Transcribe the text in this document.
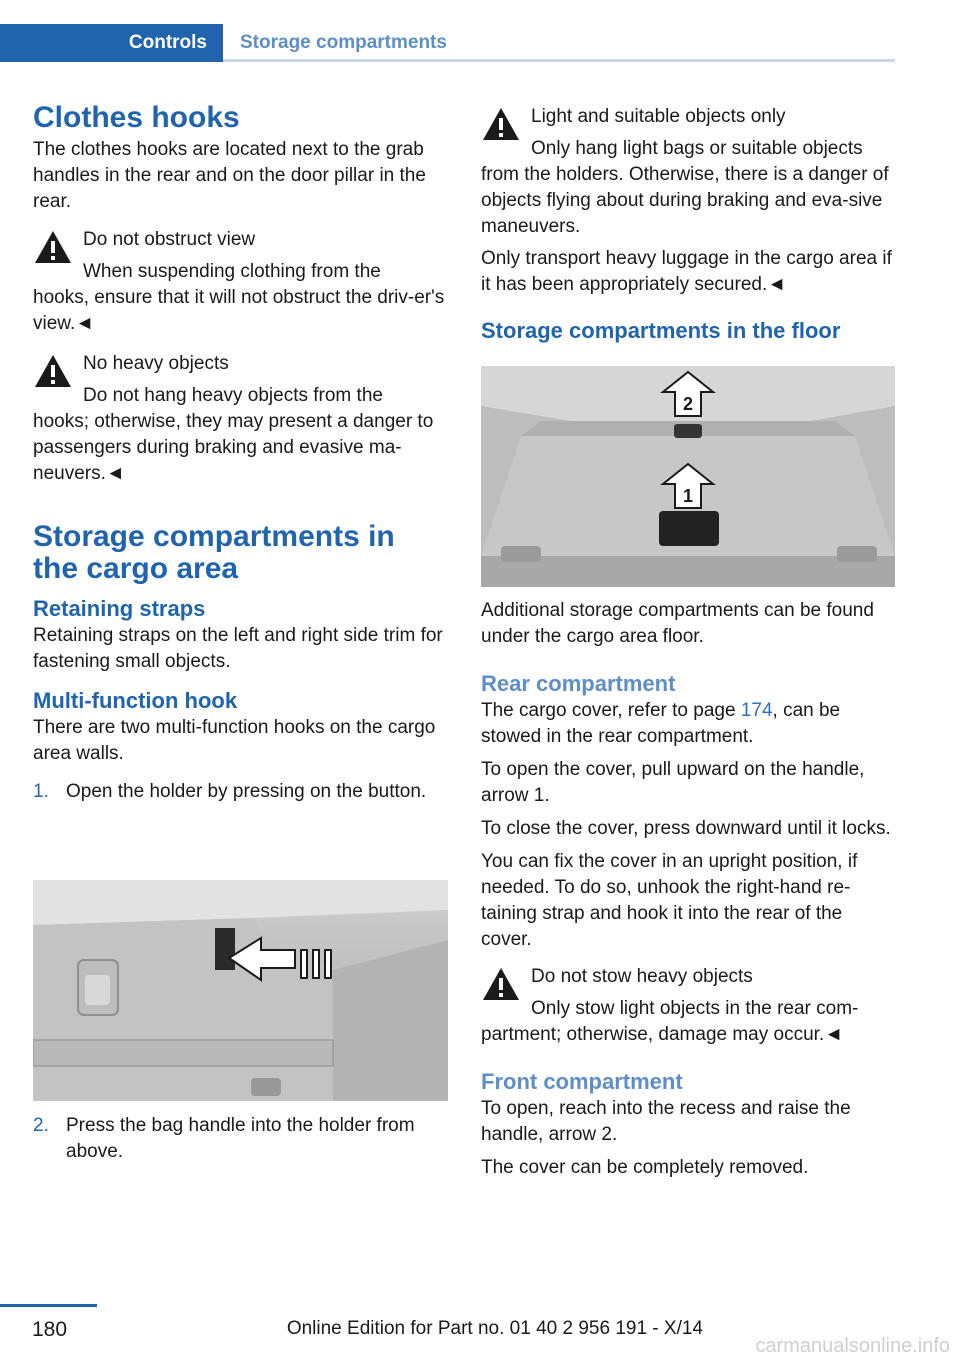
Controls Storage compartments

Clothes hooks

The clothes hooks are located next to the grab handles in the rear and on the door pillar in the rear.

Do not obstruct view

When suspending clothing from the

hooks, ensure that it will not obstruct the driv‐er's view.◄

No heavy objects

Do not hang heavy objects from the

hooks; otherwise, they may present a danger to passengers during braking and evasive ma‐neuvers.◄

Storage compartments in the cargo area

Retaining straps

Retaining straps on the left and right side trim for fastening small objects.

Multi-function hook

There are two multi-function hooks on the cargo area walls.

1. Open the holder by pressing on the button.

2. Press the bag handle into the holder from above.

Light and suitable objects only

Only hang light bags or suitable objects

from the holders. Otherwise, there is a danger of objects flying about during braking and eva‐sive maneuvers.

Only transport heavy luggage in the cargo area if it has been appropriately secured.◄

Storage compartments in the floor

2
1

Additional storage compartments can be found under the cargo area floor.

Rear compartment

The cargo cover, refer to page 174, can be stowed in the rear compartment.

To open the cover, pull upward on the handle, arrow 1.

To close the cover, press downward until it locks.

You can fix the cover in an upright position, if needed. To do so, unhook the right-hand re‐taining strap and hook it into the rear of the cover.

Do not stow heavy objects

Only stow light objects in the rear com‐

partment; otherwise, damage may occur.◄

Front compartment

To open, reach into the recess and raise the handle, arrow 2.

The cover can be completely removed.

180	Online Edition for Part no. 01 40 2 956 191 - X/14
carmanualsonline.info
